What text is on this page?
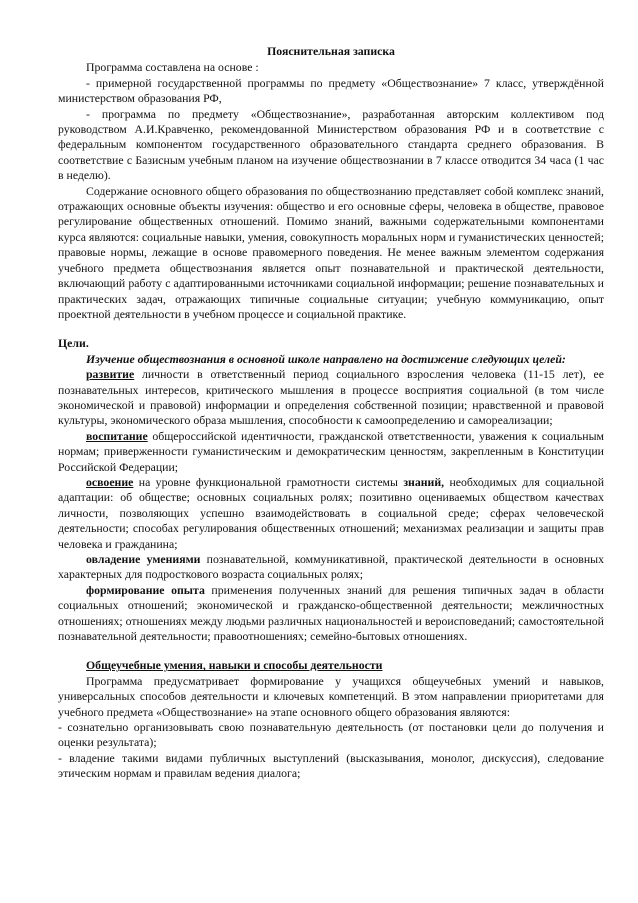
Пояснительная записка

Программа составлена на основе :

- примерной государственной программы по предмету «Обществознание» 7 класс, утверждённой министерством образования РФ,

- программа по предмету «Обществознание», разработанная авторским коллективом под руководством А.И.Кравченко, рекомендованной Министерством образования РФ и в соответствие с федеральным компонентом государственного образовательного стандарта среднего образования. В соответствие с Базисным учебным планом на изучение обществознании в 7 классе отводится 34 часа (1 час в неделю).

Содержание основного общего образования по обществознанию представляет собой комплекс знаний, отражающих основные объекты изучения: общество и его основные сферы, человека в обществе, правовое регулирование общественных отношений. Помимо знаний, важными содержательными компонентами курса являются: социальные навыки, умения, совокупность моральных норм и гуманистических ценностей; правовые нормы, лежащие в основе правомерного поведения. Не менее важным элементом содержания учебного предмета обществознания является опыт познавательной и практической деятельности, включающий работу с адаптированными источниками социальной информации; решение познавательных и практических задач, отражающих типичные социальные ситуации; учебную коммуникацию, опыт проектной деятельности в учебном процессе и социальной практике.

Цели.

Изучение обществознания в основной школе направлено на достижение следующих целей:

развитие личности в ответственный период социального взросления человека (11-15 лет), ее познавательных интересов, критического мышления в процессе восприятия социальной (в том числе экономической и правовой) информации и определения собственной позиции; нравственной и правовой культуры, экономического образа мышления, способности к самоопределению и самореализации;

воспитание общероссийской идентичности, гражданской ответственности, уважения к социальным нормам; приверженности гуманистическим и демократическим ценностям, закрепленным в Конституции Российской Федерации;

освоение на уровне функциональной грамотности системы знаний, необходимых для социальной адаптации: об обществе; основных социальных ролях; позитивно оцениваемых обществом качествах личности, позволяющих успешно взаимодействовать в социальной среде; сферах человеческой деятельности; способах регулирования общественных отношений; механизмах реализации и защиты прав человека и гражданина;

овладение умениями познавательной, коммуникативной, практической деятельности в основных характерных для подросткового возраста социальных ролях;

формирование опыта применения полученных знаний для решения типичных задач в области социальных отношений; экономической и гражданско-общественной деятельности; межличностных отношениях; отношениях между людьми различных национальностей и вероисповеданий; самостоятельной познавательной деятельности; правоотношениях; семейно-бытовых отношениях.

Общеучебные умения, навыки и способы деятельности

Программа предусматривает формирование у учащихся общеучебных умений и навыков, универсальных способов деятельности и ключевых компетенций. В этом направлении приоритетами для учебного предмета «Обществознание» на этапе основного общего образования являются:

- сознательно организовывать свою познавательную деятельность (от постановки цели до получения и оценки результата);

- владение такими видами публичных выступлений (высказывания, монолог, дискуссия), следование этическим нормам и правилам ведения диалога;
